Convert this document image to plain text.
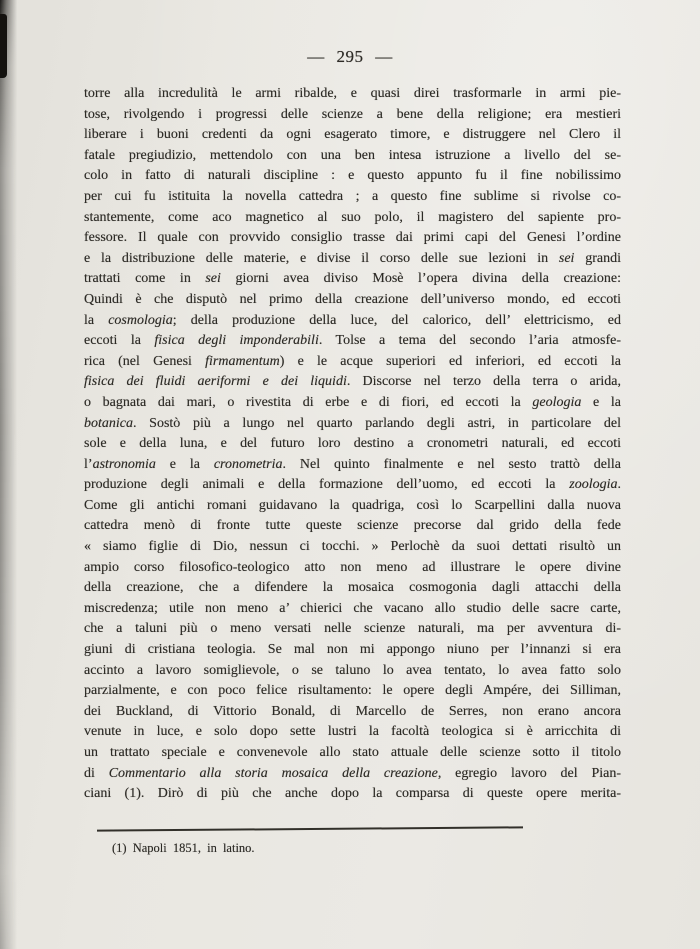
— 295 —
torre alla incredulità le armi ribalde, e quasi direi trasformarle in armi pie-
tose, rivolgendo i progressi delle scienze a bene della religione; era mestieri
liberare i buoni credenti da ogni esagerato timore, e distruggere nel Clero il
fatale pregiudizio, mettendolo con una ben intesa istruzione a livello del se-
colo in fatto di naturali discipline : e questo appunto fu il fine nobilissimo
per cui fu istituita la novella cattedra ; a questo fine sublime si rivolse co-
stantemente, come aco magnetico al suo polo, il magistero del sapiente pro-
fessore. Il quale con provvido consiglio trasse dai primi capi del Genesi l’ordine
e la distribuzione delle materie, e divise il corso delle sue lezioni in sei grandi
trattati come in sei giorni avea diviso Mosè l’opera divina della creazione:
Quindi è che disputò nel primo della creazione dell’universo mondo, ed eccoti
la cosmologia; della produzione della luce, del calorico, dell’ elettricismo, ed
eccoti la fisica degli imponderabili. Tolse a tema del secondo l’aria atmosfe-
rica (nel Genesi firmamentum) e le acque superiori ed inferiori, ed eccoti la
fisica dei fluidi aeriformi e dei liquidi. Discorse nel terzo della terra o arida,
o bagnata dai mari, o rivestita di erbe e di fiori, ed eccoti la geologia e la
botanica. Sostò più a lungo nel quarto parlando degli astri, in particolare del
sole e della luna, e del futuro loro destino a cronometri naturali, ed eccoti
l’astronomia e la cronometria. Nel quinto finalmente e nel sesto trattò della
produzione degli animali e della formazione dell’uomo, ed eccoti la zoologia.
Come gli antichi romani guidavano la quadriga, così lo Scarpellini dalla nuova
cattedra menò di fronte tutte queste scienze precorse dal grido della fede
« siamo figlie di Dio, nessun ci tocchi. » Perlochè da suoi dettati risultò un
ampio corso filosofico-teologico atto non meno ad illustrare le opere divine
della creazione, che a difendere la mosaica cosmogonia dagli attacchi della
miscredenza; utile non meno a’ chierici che vacano allo studio delle sacre carte,
che a taluni più o meno versati nelle scienze naturali, ma per avventura di-
giuni di cristiana teologia. Se mal non mi appongo niuno per l’innanzi si era
accinto a lavoro somiglievole, o se taluno lo avea tentato, lo avea fatto solo
parzialmente, e con poco felice risultamento: le opere degli Ampére, dei Silliman,
dei Buckland, di Vittorio Bonald, di Marcello de Serres, non erano ancora
venute in luce, e solo dopo sette lustri la facoltà teologica si è arricchita di
un trattato speciale e convenevole allo stato attuale delle scienze sotto il titolo
di Commentario alla storia mosaica della creazione, egregio lavoro del Pian-
ciani (1). Dirò di più che anche dopo la comparsa di queste opere merita-
(1) Napoli 1851, in latino.
